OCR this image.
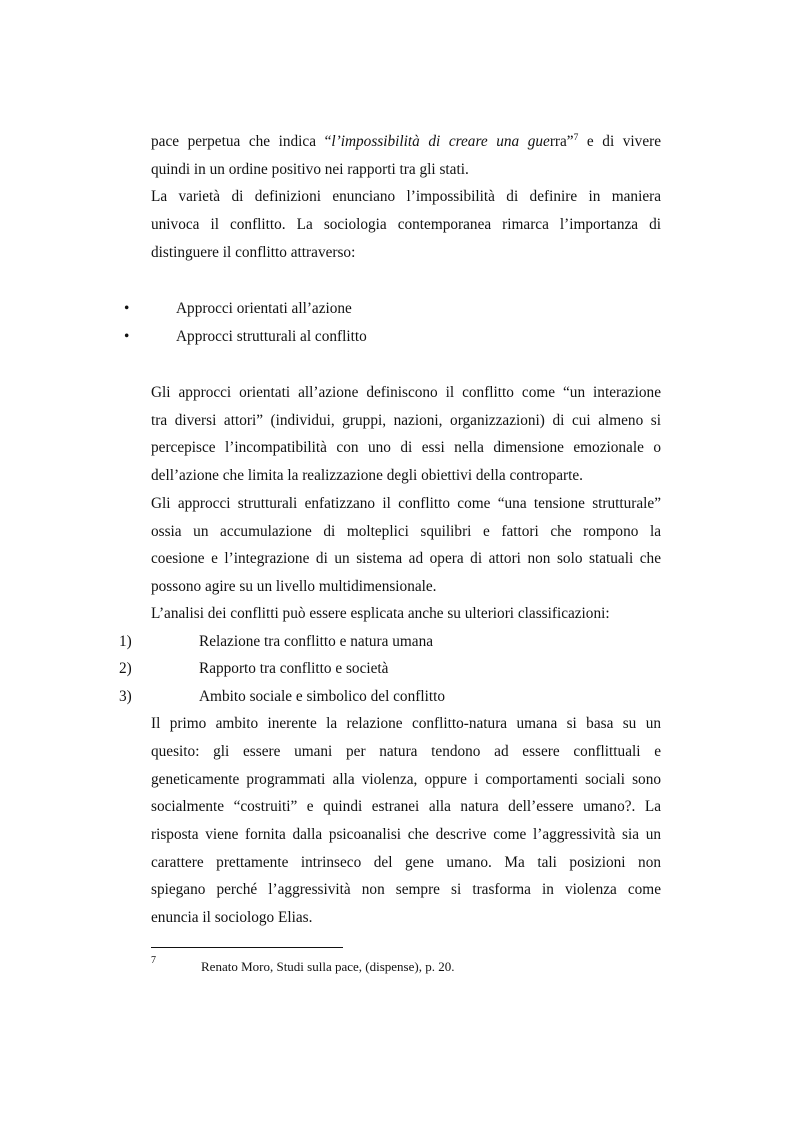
pace perpetua che indica “l’impossibilità di creare una guerra”$^7$ e di vivere
quindi in un ordine positivo nei rapporti tra gli stati.
La varietà di definizioni enunciano l’impossibilità di definire in maniera
univoca il conflitto. La sociologia contemporanea rimarca l’importanza di
distinguere il conflitto attraverso:
•	Approcci orientati all’azione
•	Approcci strutturali al conflitto
Gli approcci orientati all’azione definiscono il conflitto come “un interazione
tra diversi attori” (individui, gruppi, nazioni, organizzazioni) di cui almeno si
percepisce l’incompatibilità con uno di essi nella dimensione emozionale o
dell’azione che limita la realizzazione degli obiettivi della controparte.
Gli approcci strutturali enfatizzano il conflitto come “una tensione strutturale”
ossia un accumulazione di molteplici squilibri e fattori che rompono la
coesione e l’integrazione di un sistema ad opera di attori non solo statuali che
possono agire su un livello multidimensionale.
L’analisi dei conflitti può essere esplicata anche su ulteriori classificazioni:
1)	Relazione tra conflitto e natura umana
2)	Rapporto tra conflitto e società
3)	Ambito sociale e simbolico del conflitto
Il primo ambito inerente la relazione conflitto-natura umana si basa su un
quesito: gli essere umani per natura tendono ad essere conflittuali e
geneticamente programmati alla violenza, oppure i comportamenti sociali sono
socialmente “costruiti” e quindi estranei alla natura dell’essere umano?. La
risposta viene fornita dalla psicoanalisi che descrive come l’aggressività sia un
carattere prettamente intrinseco del gene umano. Ma tali posizioni non
spiegano perché l’aggressività non sempre si trasforma in violenza come
enuncia il sociologo Elias.
7	Renato Moro, Studi sulla pace, (dispense), p. 20.
